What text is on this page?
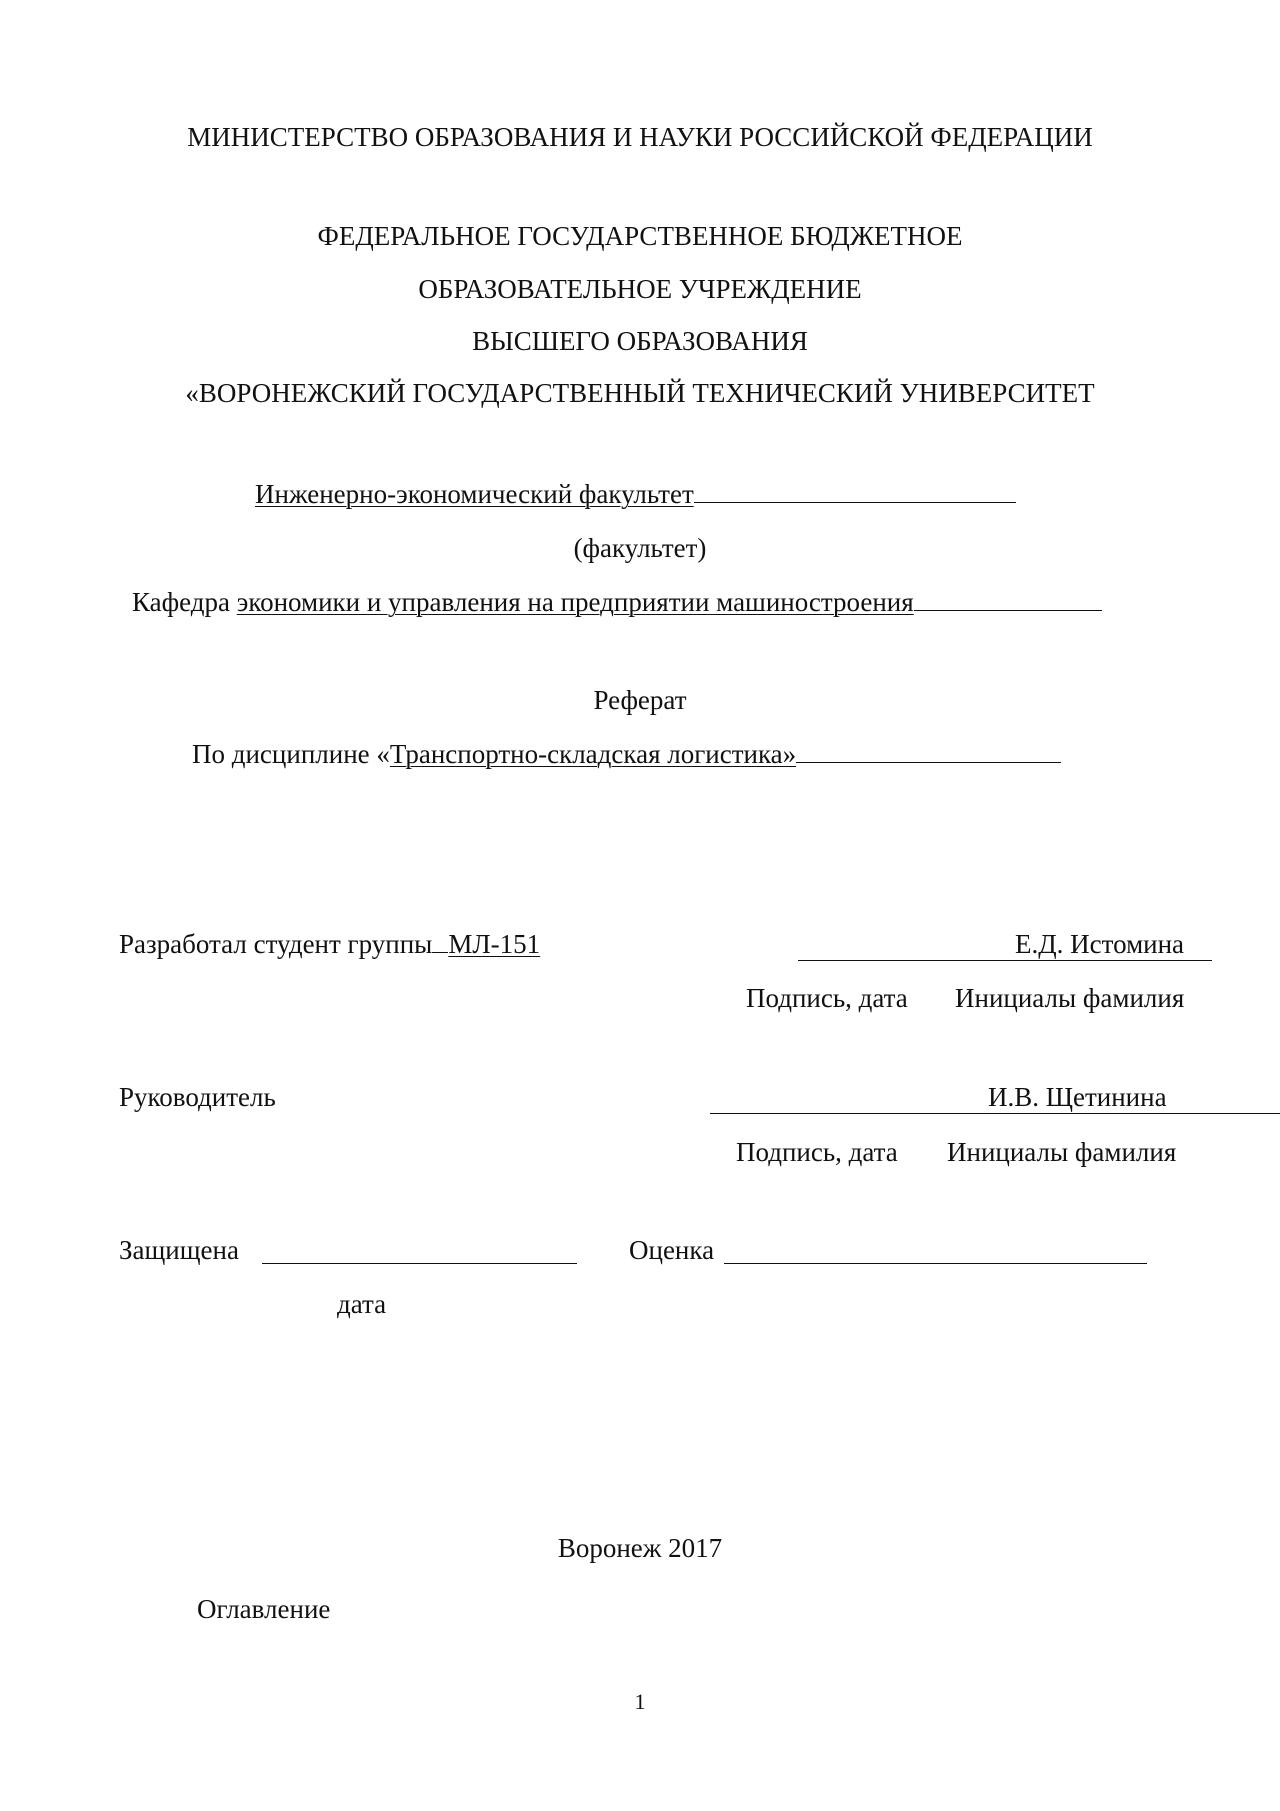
МИНИСТЕРСТВО ОБРАЗОВАНИЯ И НАУКИ РОССИЙСКОЙ ФЕДЕРАЦИИ
ФЕДЕРАЛЬНОЕ ГОСУДАРСТВЕННОЕ БЮДЖЕТНОЕ
ОБРАЗОВАТЕЛЬНОЕ УЧРЕЖДЕНИЕ
ВЫСШЕГО ОБРАЗОВАНИЯ
«ВОРОНЕЖСКИЙ ГОСУДАРСТВЕННЫЙ ТЕХНИЧЕСКИЙ УНИВЕРСИТЕТ
Инженерно-экономический факультет
(факультет)
Кафедра экономики и управления на предприятии машиностроения
Реферат
По дисциплине «Транспортно-складская логистика»
Разработал студент группы МЛ-151	Е.Д. Истомина
Подпись, дата Инициалы фамилия
Руководитель	И.В. Щетинина
Подпись, дата Инициалы фамилия
Защищена	Оценка
дата
Воронеж 2017
Оглавление
1
